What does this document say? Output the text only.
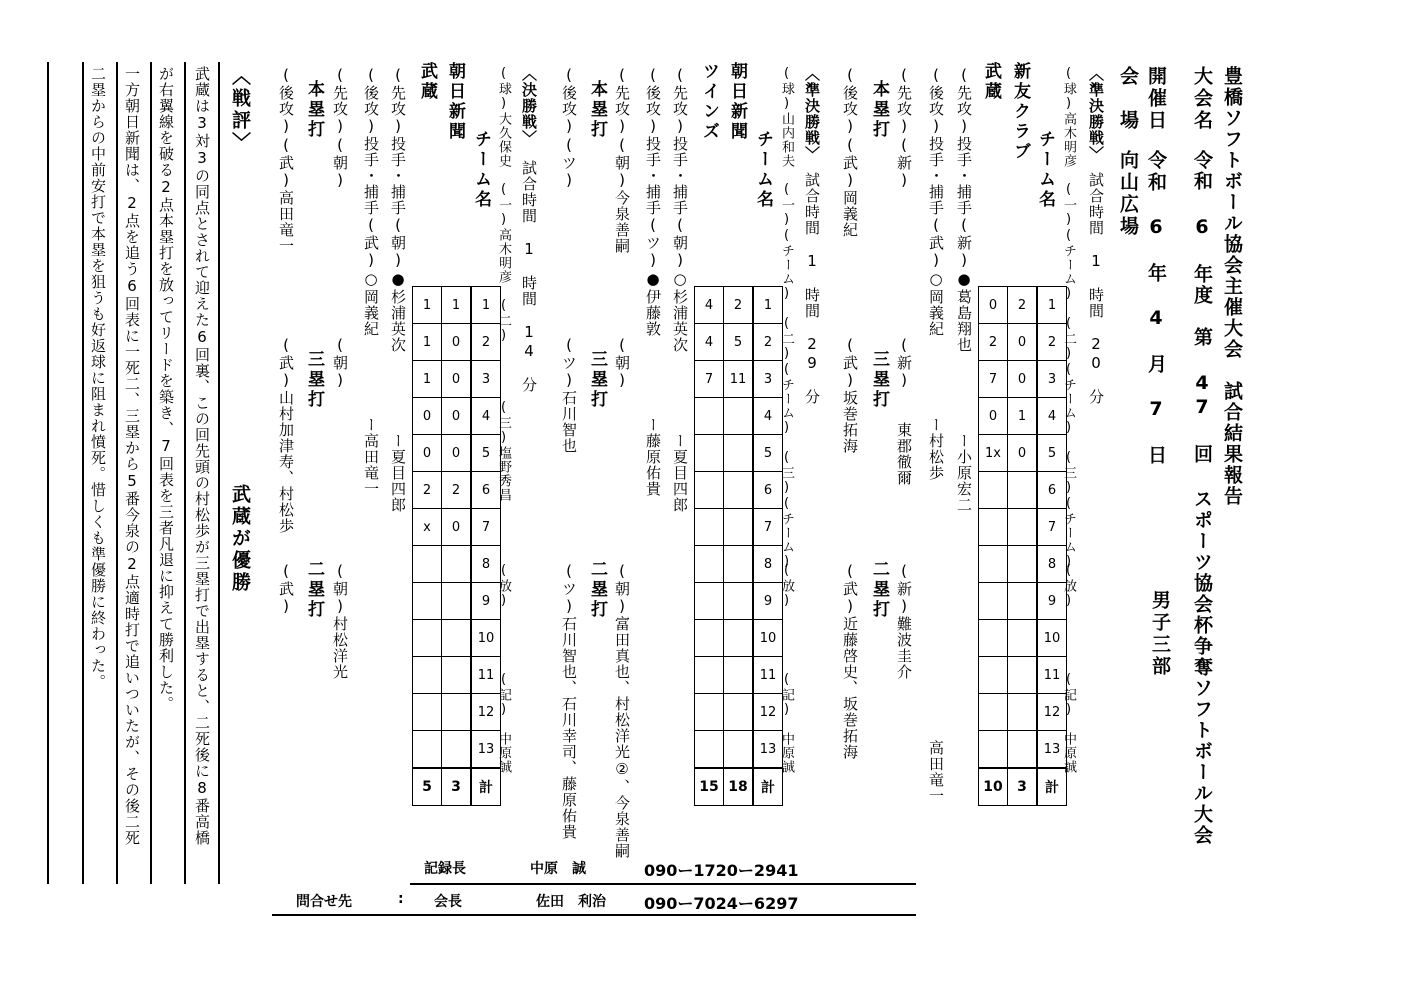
豊橋ソフトボール協会主催大会　試合結果報告
大会名
令和 6 年度　第 47 回 スポーツ協会杯争奪ソフトボール大会
開催日
令和　6　年　4　月　7　日
男子三部
会　場
向山広場
〈準決勝戦〉
(球)高木明彦　(一)(チーム)　(二)(チーム)　(三)(チーム) 試合時間　1　時間　20　分
(放)
(記)　中原誠
チーム名
新友クラブ
武蔵
0	2	1
2	0	2
7	0	3
0	1	4
1x	0	5
		6
		7
		8
		9
		10
		11
		12
		13
10	3	計
(先攻)投手・捕手(新)●葛島翔也　　　　　ー小原宏二
(後攻)投手・捕手(武)○岡義紀　　　　　ー村松歩
高田竜一
(先攻)
(新)
(新)　　東郡徹爾
(新)難波圭介
本塁打
三塁打
二塁打
(後攻)(武)岡義紀
(武)坂巻拓海
(武)近藤啓史、坂巻拓海
〈準決勝戦〉
(球)山内和夫　(一)(チーム)　(二)(チーム)　(三)(チーム) 試合時間　1　時間　29　分
(放)
(記)　中原誠
チーム名
朝日新聞
ツインズ
4	2	1
4	5	2
7	11	3
		4
		5
		6
		7
		8
		9
		10
		11
		12
		13
15	18	計
(先攻)投手・捕手(朝)○杉浦英次　　　　　ー夏目四郎
(後攻)投手・捕手(ツ)●伊藤敦　　　　　ー藤原佑貴
(先攻)(朝)今泉善嗣
(朝)
(朝)富田真也、村松洋光②、今泉善嗣
本塁打
三塁打
二塁打
(後攻)(ツ)
(ツ)石川智也
(ツ)石川智也、石川幸司、藤原佑貴
〈決勝戦〉
(球)大久保史　(一)高木明彦　(二)　　　　(三)塩野秀昌 試合時間　1　時間　14　分
(放)
(記)　中原誠
チーム名
朝日新聞
武蔵
1	1	1
1	0	2
1	0	3
0	0	4
0	0	5
2	2	6
x	0	7
		8
		9
		10
		11
		12
		13
5	3	計
(先攻)投手・捕手(朝)●杉浦英次　　　　　ー夏目四郎
(後攻)投手・捕手(武)○岡義紀　　　　　ー高田竜一
(先攻)(朝)
(朝)
(朝)村松洋光
本塁打
三塁打
二塁打
(後攻)(武)高田竜一
(武)山村加津寿、村松歩
(武)
〈戦評〉
武蔵が優勝
武蔵は3対3の同点とされて迎えた6回裏、この回先頭の村松歩が三塁打で出塁すると、二死後に8番高橋
が右翼線を破る2点本塁打を放ってリードを築き、7回表を三者凡退に抑えて勝利した。
一方朝日新聞は、2点を追う6回表に一死二、三塁から5番今泉の2点適時打で追いついたが、その後二死
二塁からの中前安打で本塁を狙うも好返球に阻まれ憤死。惜しくも準優勝に終わった。
記録長	中原　誠	090ー1720ー2941
問合せ先	: 会長	佐田　利治 090ー7024ー6297
